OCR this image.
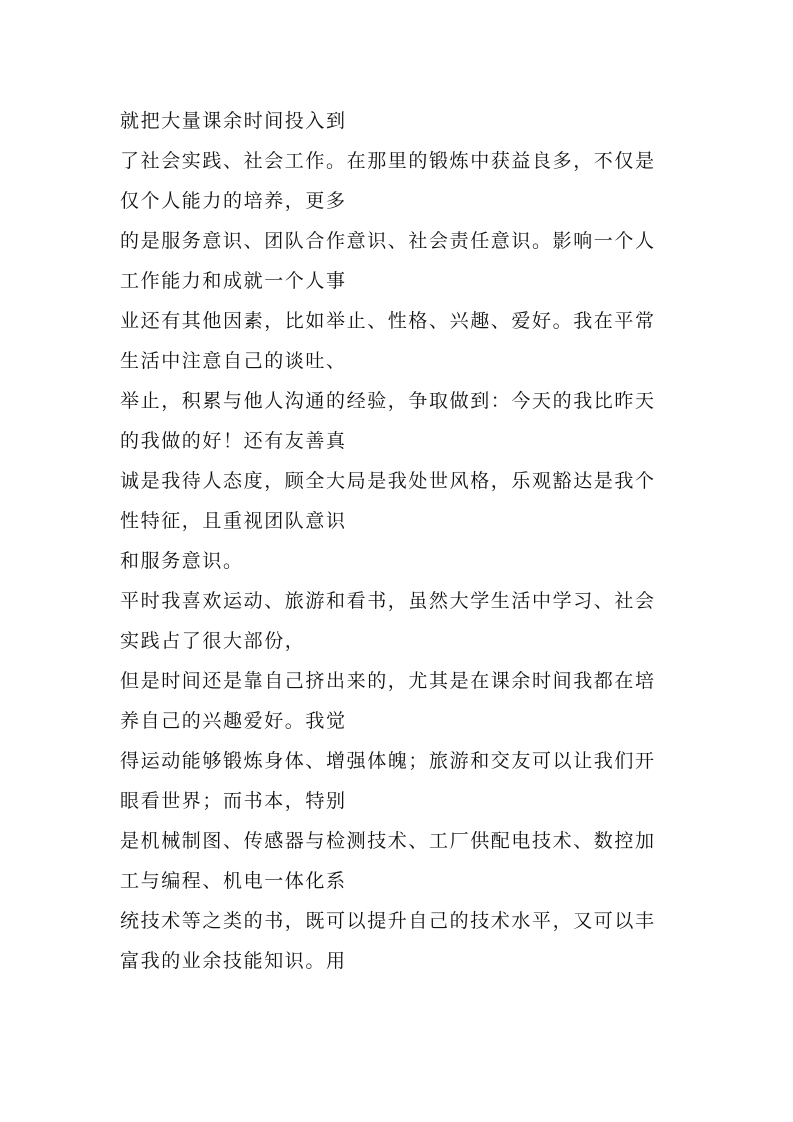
就把大量课余时间投入到
了社会实践、社会工作。在那里的锻炼中获益良多，不仅是
仅个人能力的培养，更多
的是服务意识、团队合作意识、社会责任意识。影响一个人
工作能力和成就一个人事
业还有其他因素，比如举止、性格、兴趣、爱好。我在平常
生活中注意自己的谈吐、
举止，积累与他人沟通的经验，争取做到：今天的我比昨天
的我做的好！还有友善真
诚是我待人态度，顾全大局是我处世风格，乐观豁达是我个
性特征，且重视团队意识
和服务意识。
平时我喜欢运动、旅游和看书，虽然大学生活中学习、社会
实践占了很大部份，
但是时间还是靠自己挤出来的，尤其是在课余时间我都在培
养自己的兴趣爱好。我觉
得运动能够锻炼身体、增强体魄；旅游和交友可以让我们开
眼看世界；而书本，特别
是机械制图、传感器与检测技术、工厂供配电技术、数控加
工与编程、机电一体化系
统技术等之类的书，既可以提升自己的技术水平，又可以丰
富我的业余技能知识。用
